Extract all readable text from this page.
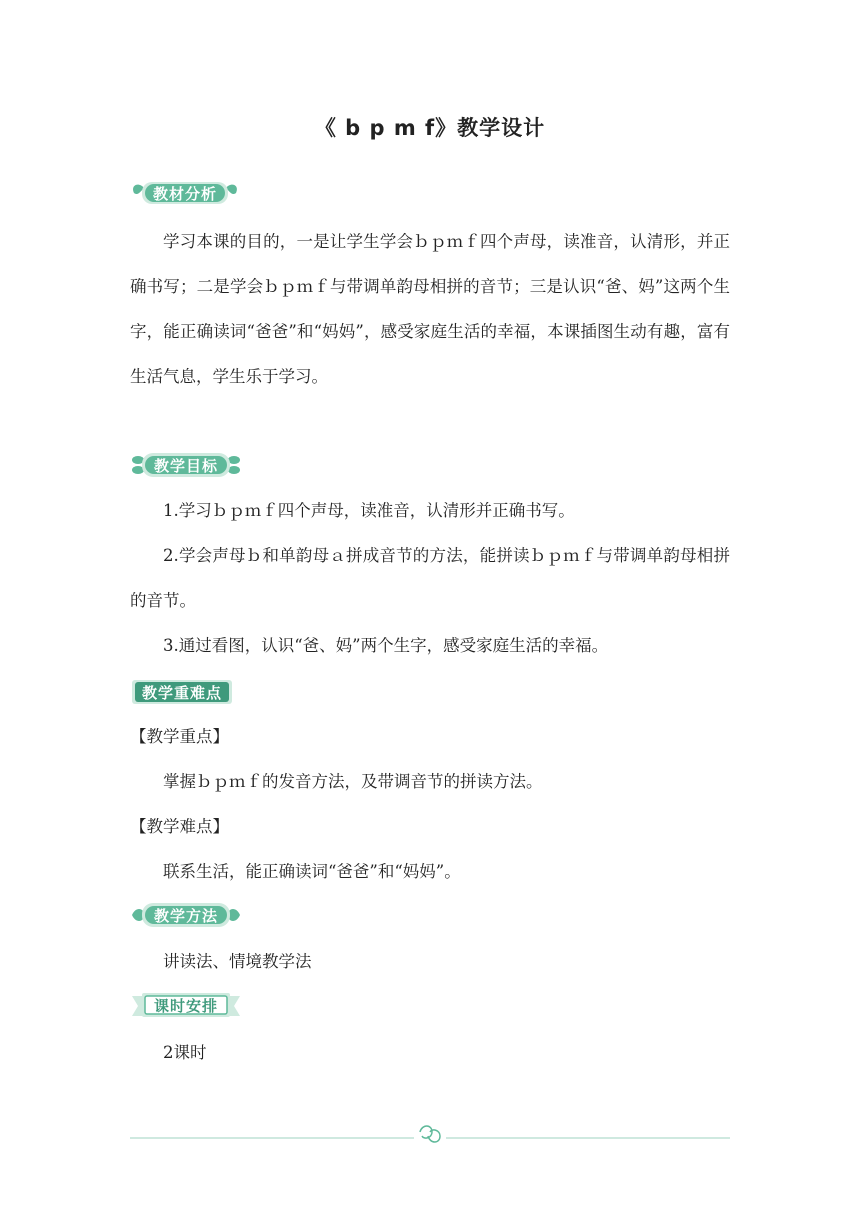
《 b p m f》教学设计
教材分析
学习本课的目的，一是让学生学会ｂｐｍｆ四个声母，读准音，认清形，并正确书写；二是学会ｂｐｍｆ与带调单韵母相拼的音节；三是认识“爸、妈”这两个生字，能正确读词“爸爸”和“妈妈”，感受家庭生活的幸福，本课插图生动有趣，富有生活气息，学生乐于学习。
教学目标
1.学习ｂｐｍｆ四个声母，读准音，认清形并正确书写。
2.学会声母ｂ和单韵母ａ拼成音节的方法，能拼读ｂｐｍｆ与带调单韵母相拼的音节。
3.通过看图，认识“爸、妈”两个生字，感受家庭生活的幸福。
教学重难点
【教学重点】
掌握ｂｐｍｆ的发音方法，及带调音节的拼读方法。
【教学难点】
联系生活，能正确读词“爸爸”和“妈妈”。
教学方法
讲读法、情境教学法
课时安排
2课时
